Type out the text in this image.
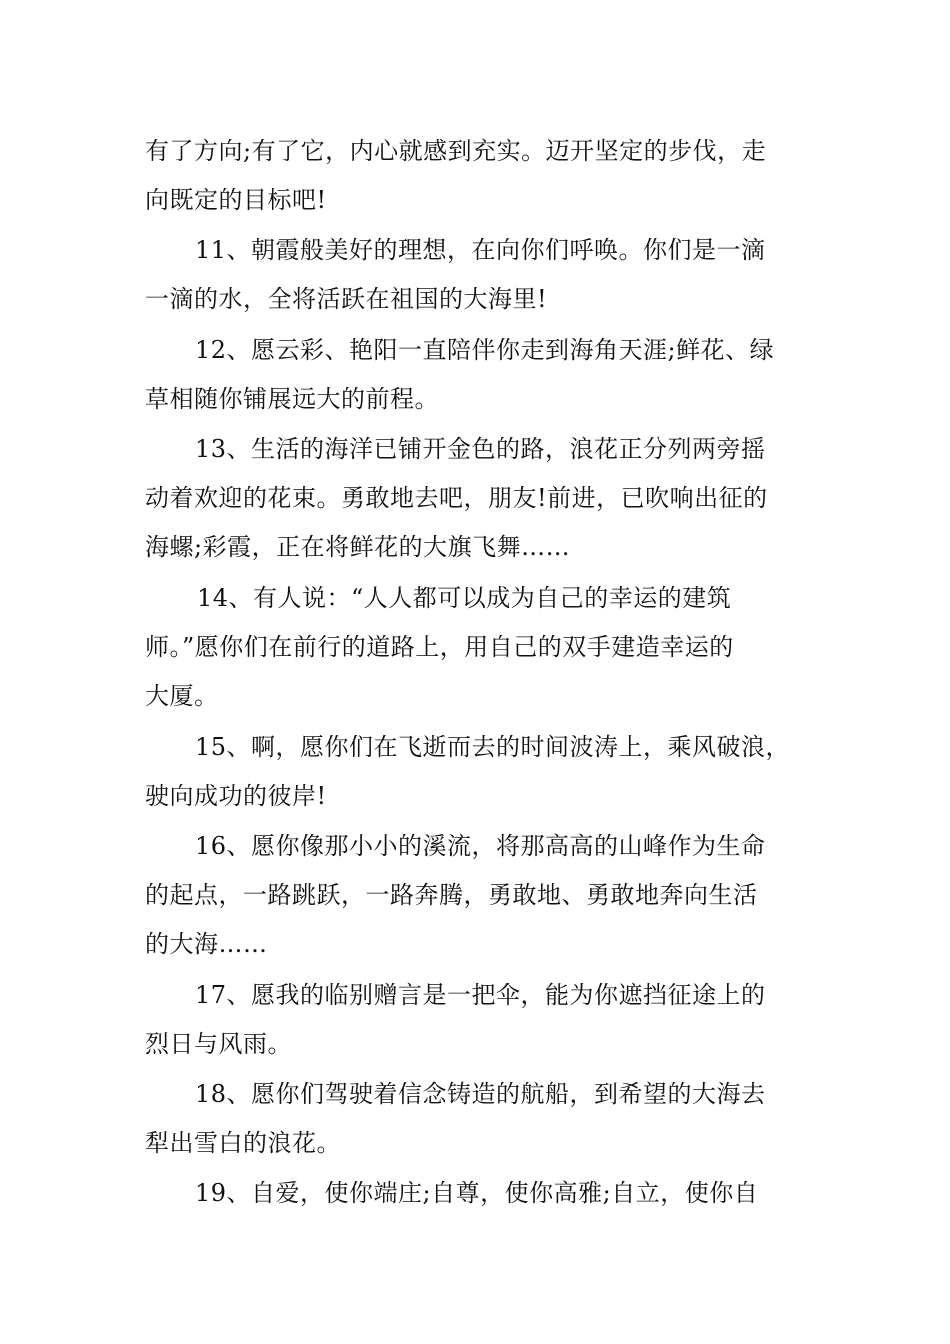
有了方向;有了它，内心就感到充实。迈开坚定的步伐，走
向既定的目标吧!
11、朝霞般美好的理想，在向你们呼唤。你们是一滴
一滴的水，全将活跃在祖国的大海里!
12、愿云彩、艳阳一直陪伴你走到海角天涯;鲜花、绿
草相随你铺展远大的前程。
13、生活的海洋已铺开金色的路，浪花正分列两旁摇
动着欢迎的花束。勇敢地去吧，朋友!前进，已吹响出征的
海螺;彩霞，正在将鲜花的大旗飞舞……
14、有人说：“人人都可以成为自己的幸运的建筑
师。”愿你们在前行的道路上，用自己的双手建造幸运的
大厦。
15、啊，愿你们在飞逝而去的时间波涛上，乘风破浪，
驶向成功的彼岸!
16、愿你像那小小的溪流，将那高高的山峰作为生命
的起点，一路跳跃，一路奔腾，勇敢地、勇敢地奔向生活
的大海……
17、愿我的临别赠言是一把伞，能为你遮挡征途上的
烈日与风雨。
18、愿你们驾驶着信念铸造的航船，到希望的大海去
犁出雪白的浪花。
19、自爱，使你端庄;自尊，使你高雅;自立，使你自
